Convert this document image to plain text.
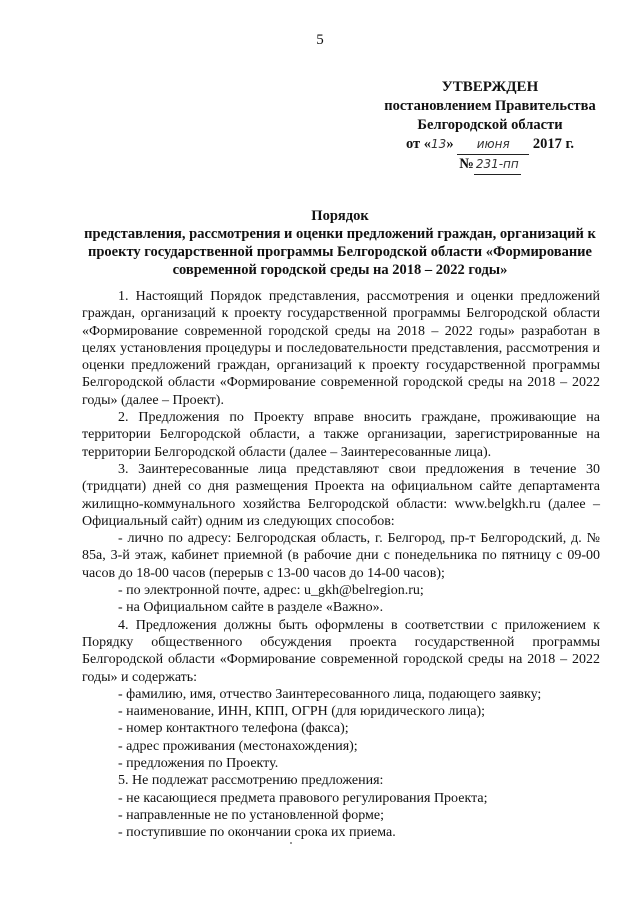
5
УТВЕРЖДЕН
постановлением Правительства
Белгородской области
от «13» июня 2017 г.
№ 231-пп
Порядок
представления, рассмотрения и оценки предложений граждан, организаций к проекту государственной программы Белгородской области «Формирование современной городской среды на 2018 – 2022 годы»

1. Настоящий Порядок представления, рассмотрения и оценки предложений граждан, организаций к проекту государственной программы Белгородской области «Формирование современной городской среды на 2018 – 2022 годы» разработан в целях установления процедуры и последовательности представления, рассмотрения и оценки предложений граждан, организаций к проекту государственной программы Белгородской области «Формирование современной городской среды на 2018 – 2022 годы» (далее – Проект).

2. Предложения по Проекту вправе вносить граждане, проживающие на территории Белгородской области, а также организации, зарегистрированные на территории Белгородской области (далее – Заинтересованные лица).

3. Заинтересованные лица представляют свои предложения в течение 30 (тридцати) дней со дня размещения Проекта на официальном сайте департамента жилищно-коммунального хозяйства Белгородской области: www.belgkh.ru (далее – Официальный сайт) одним из следующих способов:

- лично по адресу: Белгородская область, г. Белгород, пр-т Белгородский, д. № 85а, 3-й этаж, кабинет приемной (в рабочие дни с понедельника по пятницу с 09-00 часов до 18-00 часов (перерыв с 13-00 часов до 14-00 часов);

- по электронной почте, адрес: u_gkh@belregion.ru;

- на Официальном сайте в разделе «Важно».

4. Предложения должны быть оформлены в соответствии с приложением к Порядку общественного обсуждения проекта государственной программы Белгородской области «Формирование современной городской среды на 2018 – 2022 годы» и содержать:

- фамилию, имя, отчество Заинтересованного лица, подающего заявку;

- наименование, ИНН, КПП, ОГРН (для юридического лица);

- номер контактного телефона (факса);

- адрес проживания (местонахождения);

- предложения по Проекту.

5. Не подлежат рассмотрению предложения:

- не касающиеся предмета правового регулирования Проекта;

- направленные не по установленной форме;

- поступившие по окончании срока их приема.
